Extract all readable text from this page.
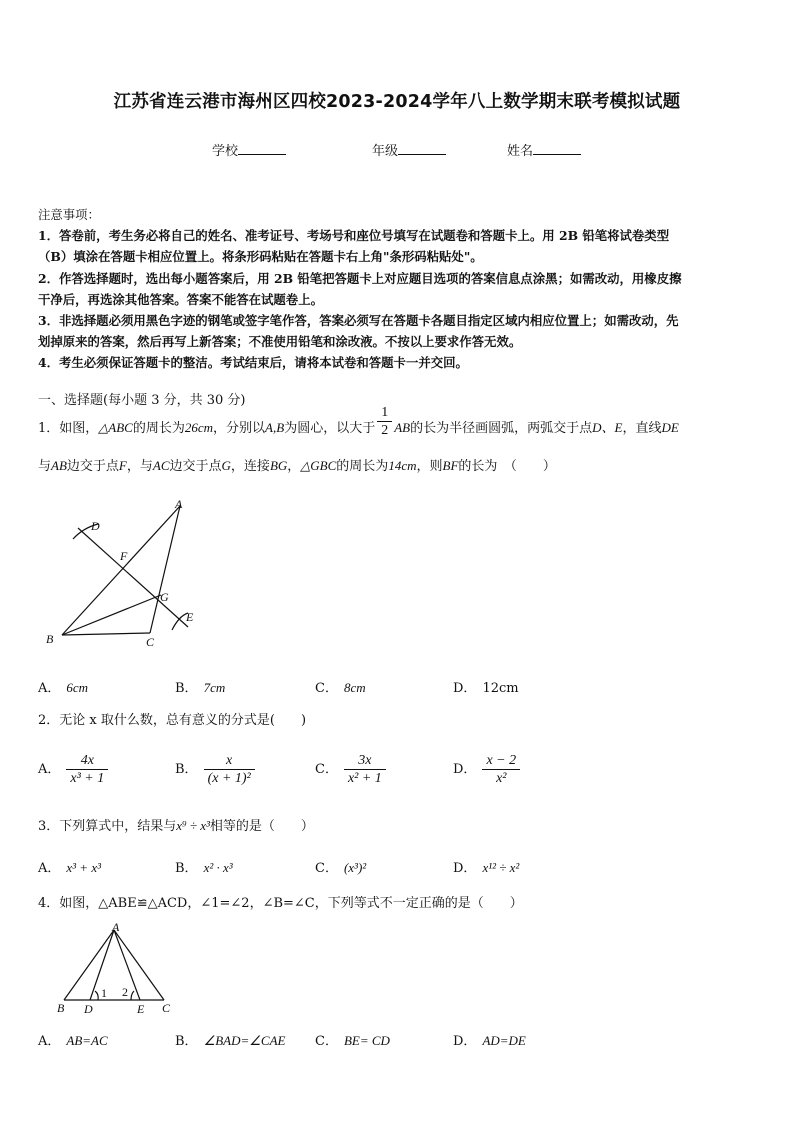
江苏省连云港市海州区四校2023-2024学年八上数学期末联考模拟试题
学校	年级	姓名

注意事项：

1．答卷前，考生务必将自己的姓名、准考证号、考场号和座位号填写在试题卷和答题卡上。用 2B 铅笔将试卷类型

（B）填涂在答题卡相应位置上。将条形码粘贴在答题卡右上角"条形码粘贴处"。

2．作答选择题时，选出每小题答案后，用 2B 铅笔把答题卡上对应题目选项的答案信息点涂黑；如需改动，用橡皮擦

干净后，再选涂其他答案。答案不能答在试题卷上。

3．非选择题必须用黑色字迹的钢笔或签字笔作答，答案必须写在答题卡各题目指定区域内相应位置上；如需改动，先

划掉原来的答案，然后再写上新答案；不准使用铅笔和涂改液。不按以上要求作答无效。

4．考生必须保证答题卡的整洁。考试结束后，请将本试卷和答题卡一并交回。

一、选择题(每小题 3 分，共 30 分)
1．如图，△ABC的周长为26cm，分别以A,B为圆心，以大于 $\frac{1}{2}$ AB的长为半径画圆弧，两弧交于点D、E，直线DE
与AB边交于点F，与AC边交于点G，连接BG，△GBC的周长为14cm，则BF的长为　（　　）
D
A
F
G
E
B	C
A． 6cm	B． 7cm	C． 8cm	D． 12cm
2．无论 x 取什么数，总有意义的分式是(　　)
A． $\frac{4x}{\text{x³ + 1}}$	B． $\frac{x}{\text{(x + 1)²}}$	C． $\frac{3x}{\text{x² + 1}}$	D． $\frac{x - 2}{\text{x²}}$
3．下列算式中，结果与x⁹ ÷ x³相等的是（　　）
A． x³ + x³	B． x² · x³	C． (x³)²	D． x¹² ÷ x²
4．如图，△ABE≌△ACD，∠1=∠2，∠B=∠C，下列等式不一定正确的是（　　）
A
B D	E C
1 2
A． AB=AC	B． ∠BAD=∠CAE C． BE= CD	D． AD=DE
